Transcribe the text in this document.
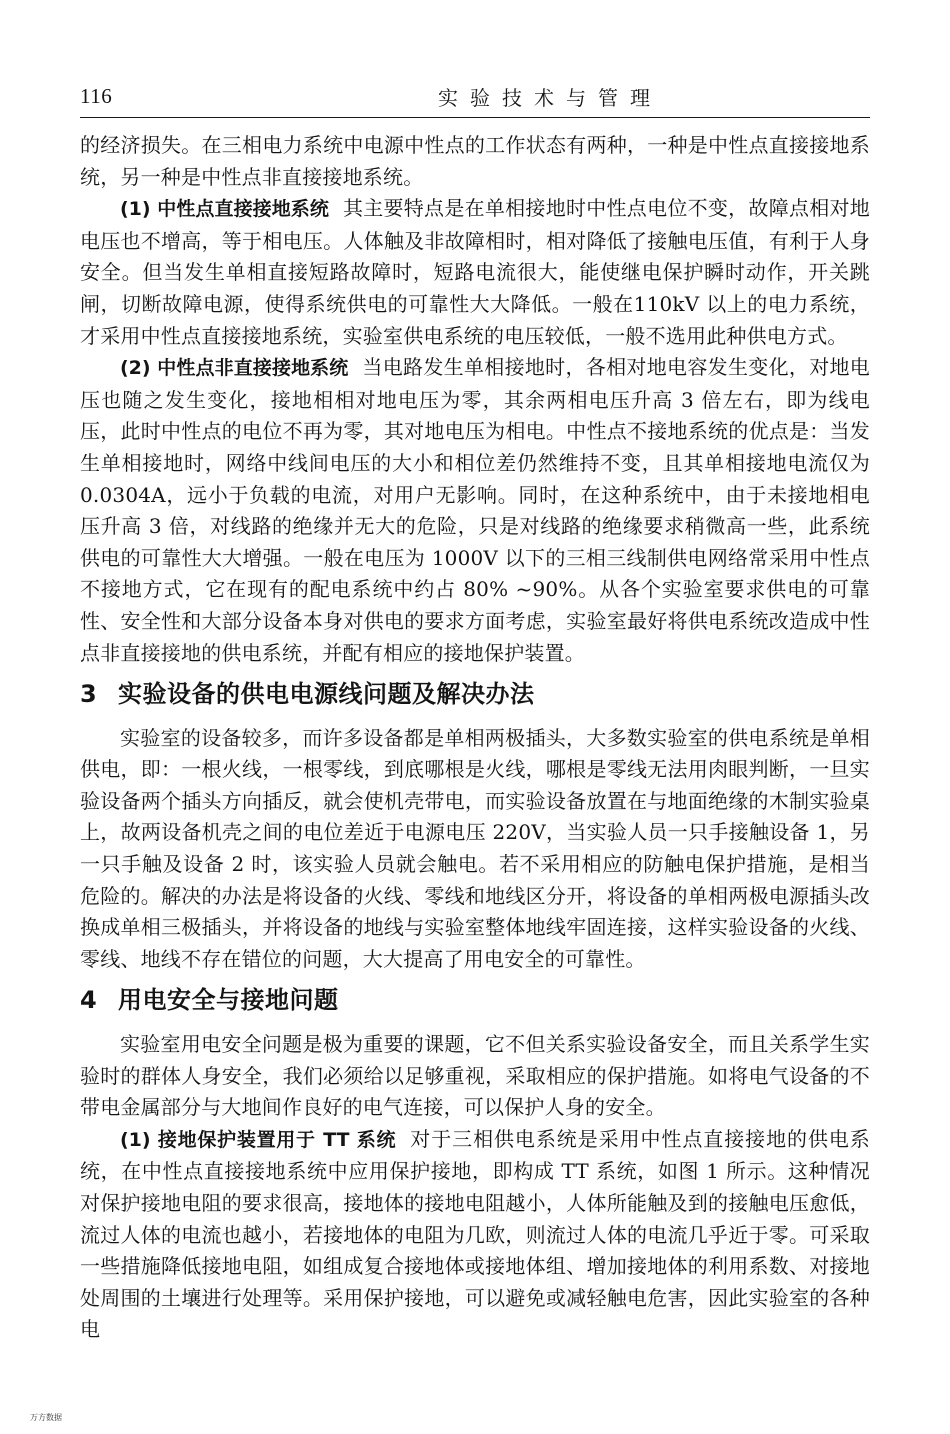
116	实验技术与管理

的经济损失。在三相电力系统中电源中性点的工作状态有两种，一种是中性点直接接地系统，另一种是中性点非直接接地系统。

(1) 中性点直接接地系统 其主要特点是在单相接地时中性点电位不变，故障点相对地电压也不增高，等于相电压。人体触及非故障相时，相对降低了接触电压值，有利于人身安全。但当发生单相直接短路故障时，短路电流很大，能使继电保护瞬时动作，开关跳闸，切断故障电源，使得系统供电的可靠性大大降低。一般在110kV 以上的电力系统，才采用中性点直接接地系统，实验室供电系统的电压较低，一般不选用此种供电方式。

(2) 中性点非直接接地系统 当电路发生单相接地时，各相对地电容发生变化，对地电压也随之发生变化，接地相相对地电压为零，其余两相电压升高 3 倍左右，即为线电压，此时中性点的电位不再为零，其对地电压为相电。中性点不接地系统的优点是：当发生单相接地时，网络中线间电压的大小和相位差仍然维持不变，且其单相接地电流仅为 0.0304A，远小于负载的电流，对用户无影响。同时，在这种系统中，由于未接地相电压升高 3 倍，对线路的绝缘并无大的危险，只是对线路的绝缘要求稍微高一些，此系统供电的可靠性大大增强。一般在电压为 1000V 以下的三相三线制供电网络常采用中性点不接地方式，它在现有的配电系统中约占 80% ~90%。从各个实验室要求供电的可靠性、安全性和大部分设备本身对供电的要求方面考虑，实验室最好将供电系统改造成中性点非直接接地的供电系统，并配有相应的接地保护装置。

3 实验设备的供电电源线问题及解决办法

实验室的设备较多，而许多设备都是单相两极插头，大多数实验室的供电系统是单相供电，即：一根火线，一根零线，到底哪根是火线，哪根是零线无法用肉眼判断，一旦实验设备两个插头方向插反，就会使机壳带电，而实验设备放置在与地面绝缘的木制实验桌上，故两设备机壳之间的电位差近于电源电压 220V，当实验人员一只手接触设备 1，另一只手触及设备 2 时，该实验人员就会触电。若不采用相应的防触电保护措施，是相当危险的。解决的办法是将设备的火线、零线和地线区分开，将设备的单相两极电源插头改换成单相三极插头，并将设备的地线与实验室整体地线牢固连接，这样实验设备的火线、零线、地线不存在错位的问题，大大提高了用电安全的可靠性。

4 用电安全与接地问题

实验室用电安全问题是极为重要的课题，它不但关系实验设备安全，而且关系学生实验时的群体人身安全，我们必须给以足够重视，采取相应的保护措施。如将电气设备的不带电金属部分与大地间作良好的电气连接，可以保护人身的安全。

(1) 接地保护装置用于 TT 系统 对于三相供电系统是采用中性点直接接地的供电系统，在中性点直接接地系统中应用保护接地，即构成 TT 系统，如图 1 所示。这种情况对保护接地电阻的要求很高，接地体的接地电阻越小，人体所能触及到的接触电压愈低，流过人体的电流也越小，若接地体的电阻为几欧，则流过人体的电流几乎近于零。可采取一些措施降低接地电阻，如组成复合接地体或接地体组、增加接地体的利用系数、对接地处周围的土壤进行处理等。采用保护接地，可以避免或减轻触电危害，因此实验室的各种电

万方数据
